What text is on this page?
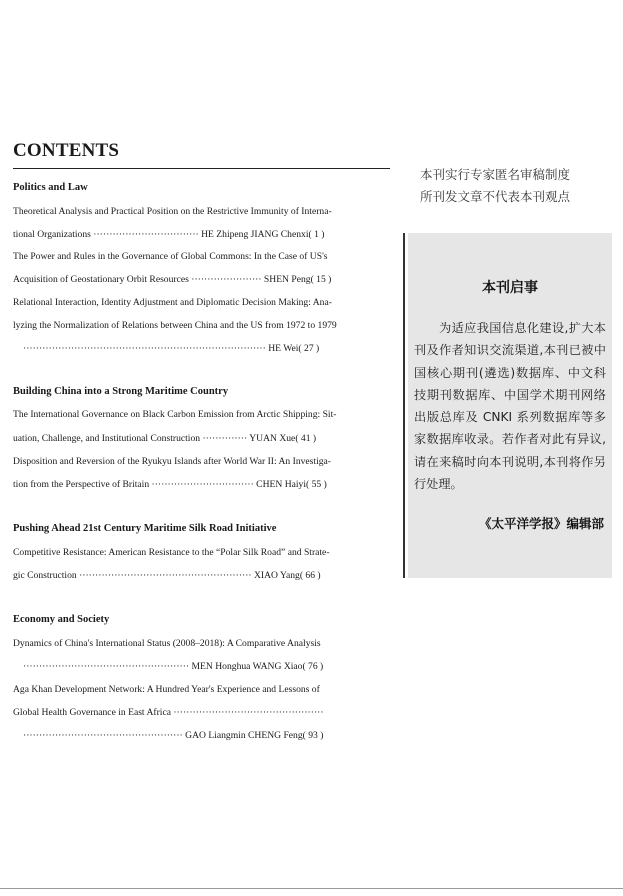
CONTENTS
Politics and Law
Theoretical Analysis and Practical Position on the Restrictive Immunity of Interna-
tional Organizations ································· HE Zhipeng JIANG Chenxi( 1 )
The Power and Rules in the Governance of Global Commons: In the Case of US's
Acquisition of Geostationary Orbit Resources ······················ SHEN Peng( 15 )
Relational Interaction, Identity Adjustment and Diplomatic Decision Making: Ana-
lyzing the Normalization of Relations between China and the US from 1972 to 1979
············································································ HE Wei( 27 )
Building China into a Strong Maritime Country
The International Governance on Black Carbon Emission from Arctic Shipping: Sit-
uation, Challenge, and Institutional Construction ·············· YUAN Xue( 41 )
Disposition and Reversion of the Ryukyu Islands after World War II: An Investiga-
tion from the Perspective of Britain ································ CHEN Haiyi( 55 )
Pushing Ahead 21st Century Maritime Silk Road Initiative
Competitive Resistance: American Resistance to the “Polar Silk Road” and Strate-
gic Construction ······················································ XIAO Yang( 66 )
Economy and Society
Dynamics of China's International Status (2008–2018): A Comparative Analysis
···················································· MEN Honghua WANG Xiao( 76 )
Aga Khan Development Network: A Hundred Year's Experience and Lessons of
Global Health Governance in East Africa ···············································
·················································· GAO Liangmin CHENG Feng( 93 )
本刊实行专家匿名审稿制度
所刊发文章不代表本刊观点
本刊启事
　　为适应我国信息化建设,扩大本刊及作者知识交流渠道,本刊已被中国核心期刊(遴选)数据库、中文科技期刊数据库、中国学术期刊网络出版总库及 CNKI 系列数据库等多家数据库收录。若作者对此有异议,请在来稿时向本刊说明,本刊将作另行处理。
《太平洋学报》编辑部
